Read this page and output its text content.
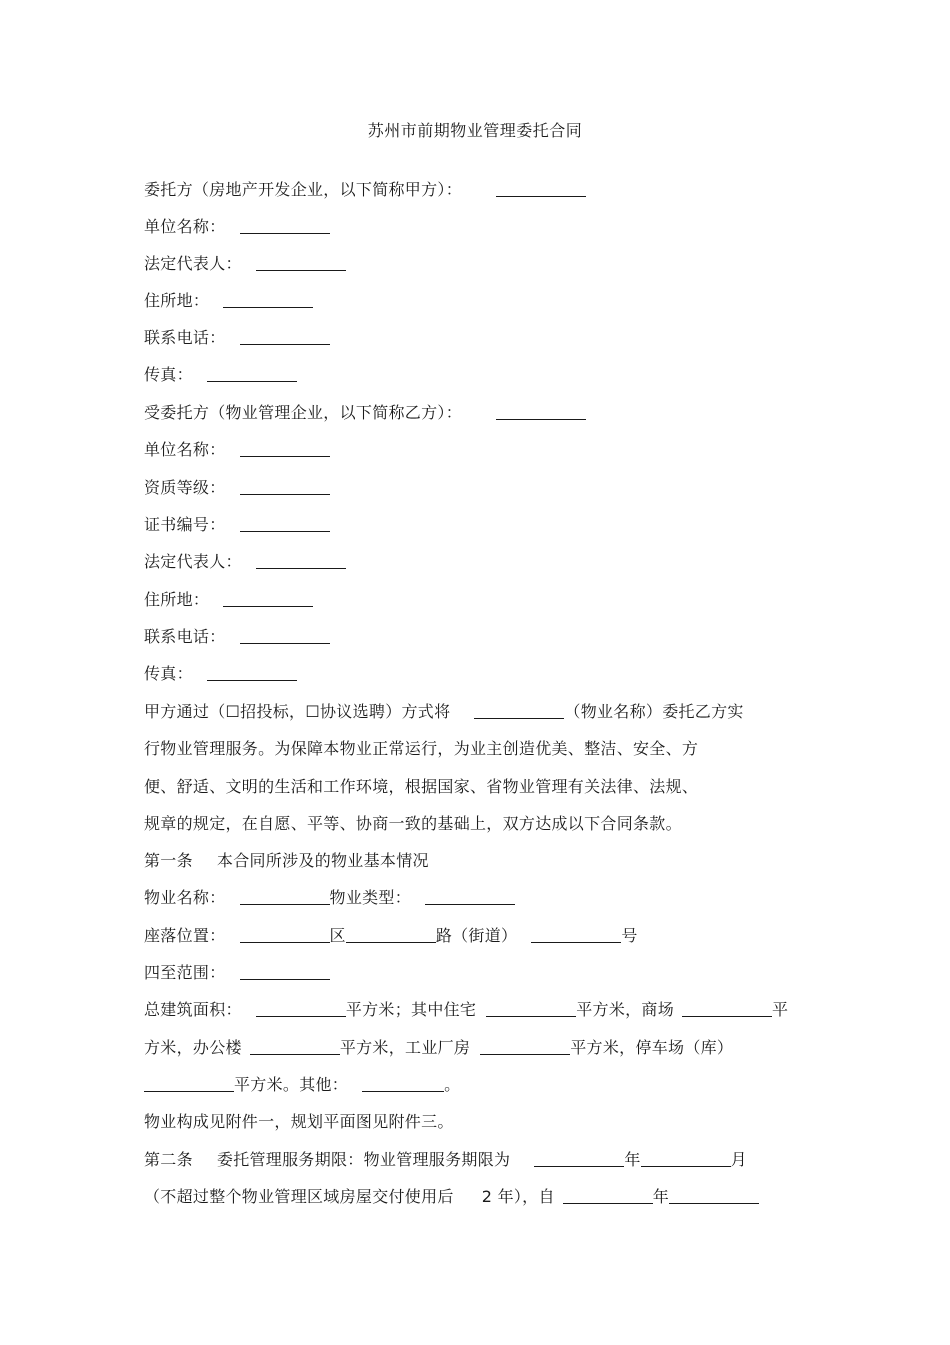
苏州市前期物业管理委托合同
委托方（房地产开发企业，以下简称甲方）：
单位名称：
法定代表人：
住所地：
联系电话：
传真：
受委托方（物业管理企业，以下简称乙方）：
单位名称：
资质等级：
证书编号：
法定代表人：
住所地：
联系电话：
传真：
甲方通过（☐招投标，☐协议选聘）方式将	（物业名称）委托乙方实
行物业管理服务。为保障本物业正常运行，为业主创造优美、整洁、安全、方
便、舒适、文明的生活和工作环境，根据国家、省物业管理有关法律、法规、
规章的规定，在自愿、平等、协商一致的基础上，双方达成以下合同条款。
第一条 本合同所涉及的物业基本情况
物业名称：	物业类型：
座落位置：	区	路（街道）	号
四至范围：
总建筑面积：	平方米；其中住宅	平方米，商场	平
方米，办公楼	平方米，工业厂房	平方米，停车场（库）
平方米。其他：	。
物业构成见附件一，规划平面图见附件三。
第二条 委托管理服务期限：物业管理服务期限为	年	月
（不超过整个物业管理区域房屋交付使用后 2 年），自	年
